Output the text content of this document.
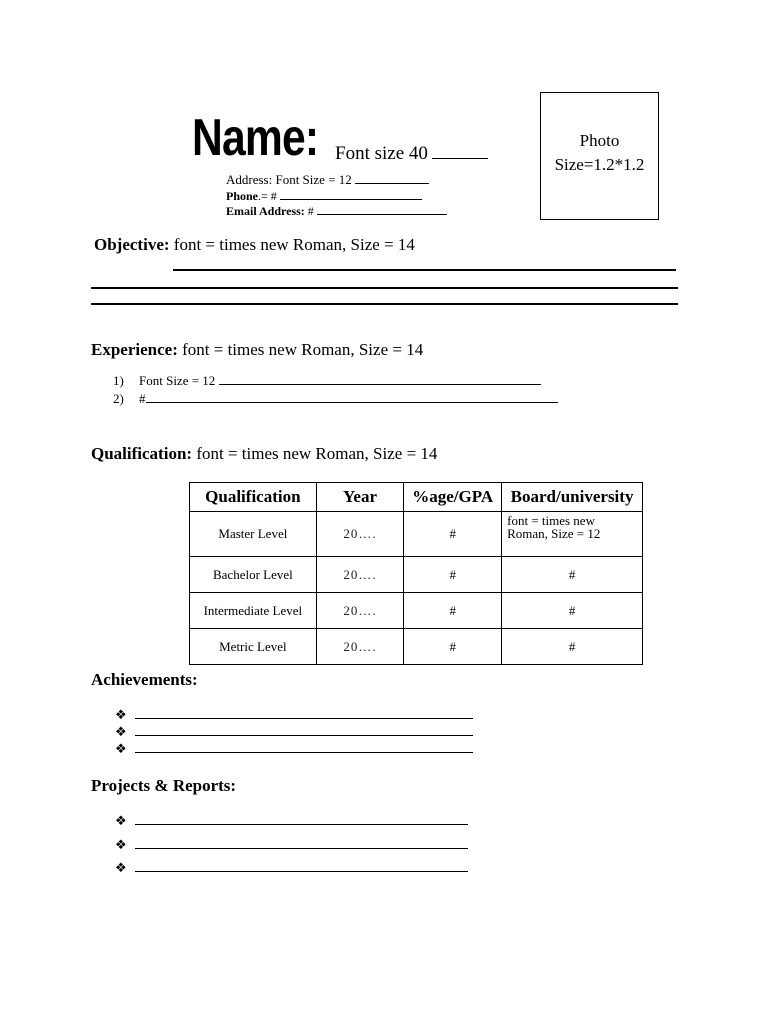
Name: Font size 40
Photo
Size=1.2*1.2
Address: Font Size = 12
Phone.= #
Email Address: #
Objective: font = times new Roman, Size = 14
Experience: font = times new Roman, Size = 14
1) Font Size = 12
2) #
Qualification: font = times new Roman, Size = 14
Qualification	Year	%age/GPA	Board/university
Master Level	20….	#	font = times new Roman, Size = 12
Bachelor Level	20….	#	#
Intermediate Level	20….	#	#
Metric Level	20….	#	#
Achievements:
❖
❖
❖
Projects & Reports:
❖
❖
❖
